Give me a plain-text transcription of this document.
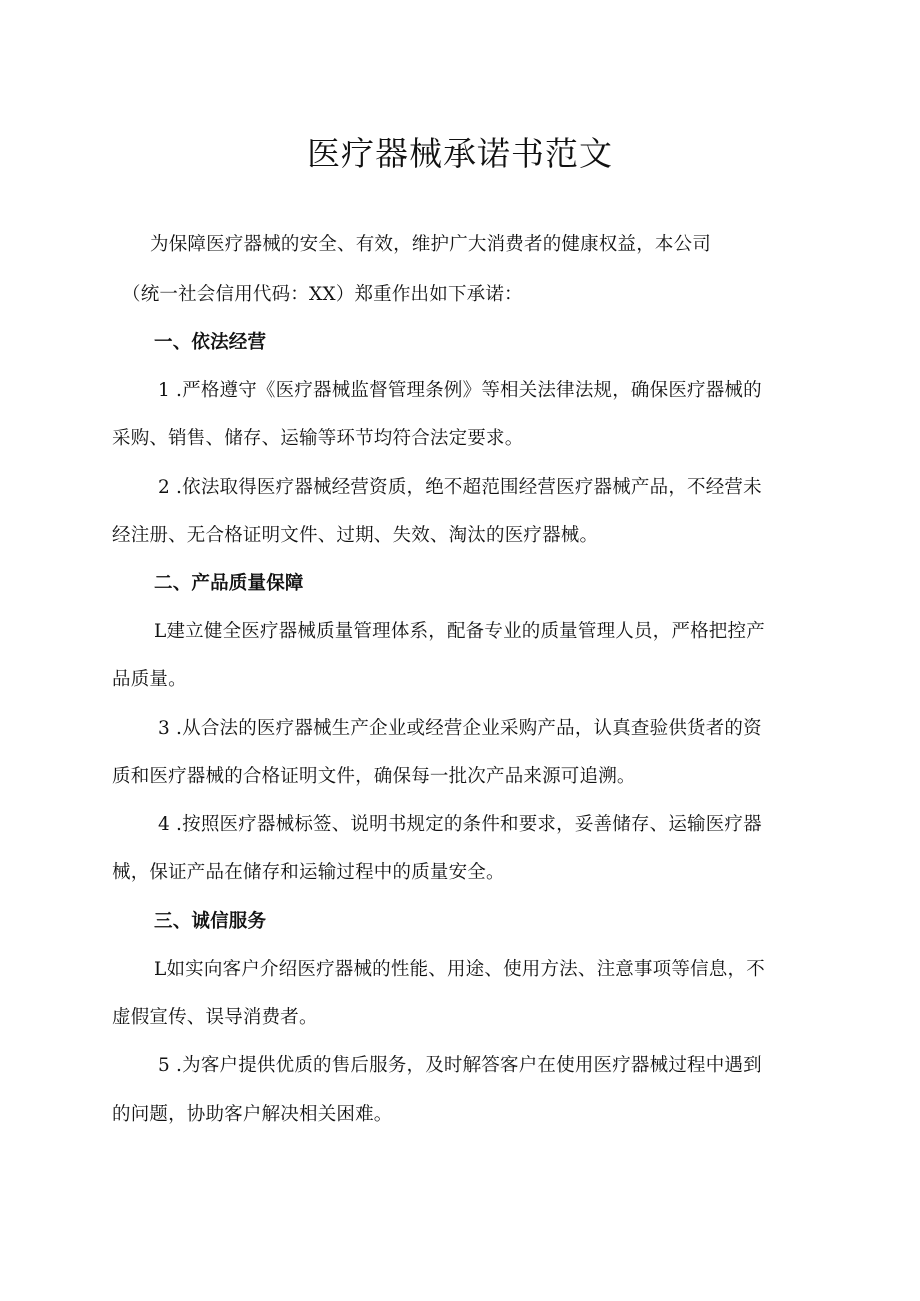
医疗器械承诺书范文
为保障医疗器械的安全、有效，维护广大消费者的健康权益，本公司
（统一社会信用代码：XX）郑重作出如下承诺：
一、依法经营
1 .严格遵守《医疗器械监督管理条例》等相关法律法规，确保医疗器械的
采购、销售、储存、运输等环节均符合法定要求。
2 .依法取得医疗器械经营资质，绝不超范围经营医疗器械产品，不经营未
经注册、无合格证明文件、过期、失效、淘汰的医疗器械。
二、产品质量保障
L建立健全医疗器械质量管理体系，配备专业的质量管理人员，严格把控产
品质量。
3 .从合法的医疗器械生产企业或经营企业采购产品，认真查验供货者的资
质和医疗器械的合格证明文件，确保每一批次产品来源可追溯。
4 .按照医疗器械标签、说明书规定的条件和要求，妥善储存、运输医疗器
械，保证产品在储存和运输过程中的质量安全。
三、诚信服务
L如实向客户介绍医疗器械的性能、用途、使用方法、注意事项等信息，不
虚假宣传、误导消费者。
5 .为客户提供优质的售后服务，及时解答客户在使用医疗器械过程中遇到
的问题，协助客户解决相关困难。
